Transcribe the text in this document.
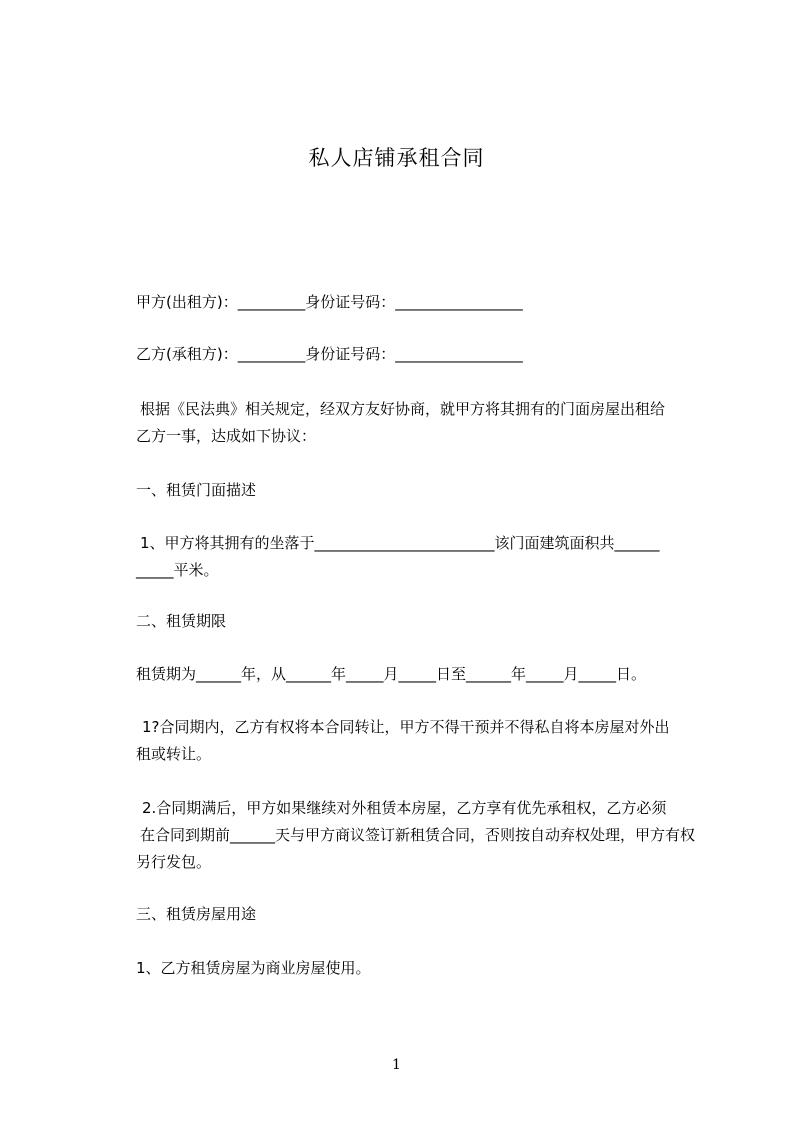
私人店铺承租合同
甲方(出租方)：_________身份证号码：_________________
乙方(承租方)：_________身份证号码：_________________
根据《民法典》相关规定，经双方友好协商，就甲方将其拥有的门面房屋出租给
乙方一事，达成如下协议：
一、租赁门面描述
1、甲方将其拥有的坐落于________________________该门面建筑面积共______
_____平米。
二、租赁期限
租赁期为______年，从______年_____月_____日至______年_____月_____日。
1?合同期内，乙方有权将本合同转让，甲方不得干预并不得私自将本房屋对外出
租或转让。
2.合同期满后，甲方如果继续对外租赁本房屋，乙方享有优先承租权，乙方必须
在合同到期前______天与甲方商议签订新租赁合同，否则按自动弃权处理，甲方有权
另行发包。
三、租赁房屋用途
1、乙方租赁房屋为商业房屋使用。
1
